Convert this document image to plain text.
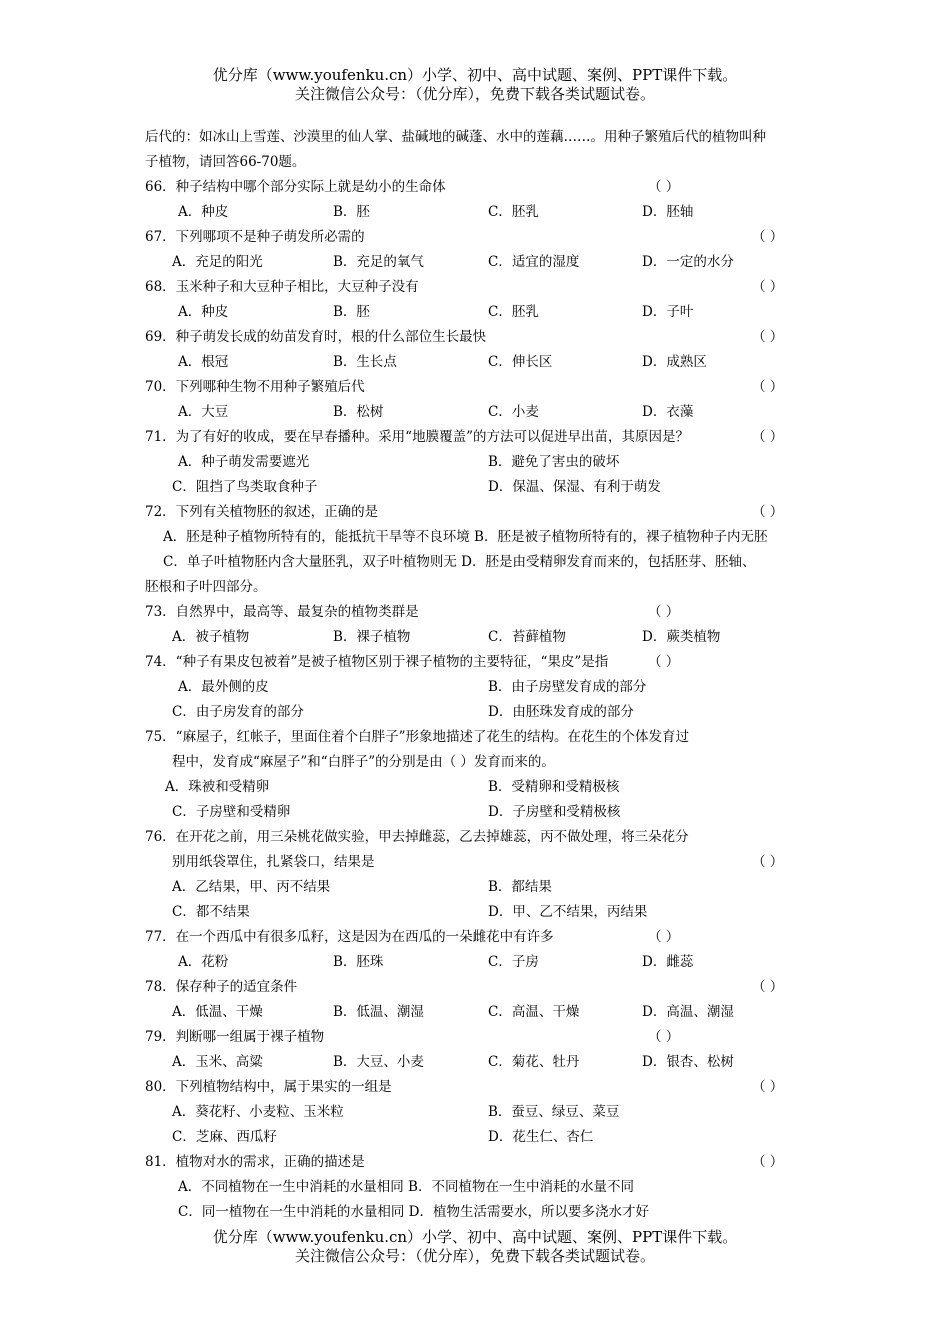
优分库（www.youfenku.cn）小学、初中、高中试题、案例、PPT课件下载。
关注微信公众号：（优分库），免费下载各类试题试卷。
后代的：如冰山上雪莲、沙漠里的仙人掌、盐碱地的碱蓬、水中的莲藕……。用种子繁殖后代的植物叫种
子植物，请回答66-70题。
66．种子结构中哪个部分实际上就是幼小的生命体	（ ）
A．种皮	B．胚	C．胚乳	D．胚轴
67．下列哪项不是种子萌发所必需的	（ ）
A．充足的阳光	B．充足的氧气	C．适宜的湿度	D．一定的水分
68．玉米种子和大豆种子相比，大豆种子没有	（ ）
A．种皮	B．胚	C．胚乳	D．子叶
69．种子萌发长成的幼苗发育时，根的什么部位生长最快	（ ）
A．根冠	B．生长点	C．伸长区	D．成熟区
70．下列哪种生物不用种子繁殖后代	（ ）
A．大豆	B．松树	C．小麦	D．衣藻
71．为了有好的收成，要在早春播种。采用“地膜覆盖”的方法可以促进早出苗，其原因是？	（ ）
A．种子萌发需要遮光	B．避免了害虫的破坏
C．阻挡了鸟类取食种子	D．保温、保湿、有利于萌发
72．下列有关植物胚的叙述，正确的是	（ ）
A．胚是种子植物所特有的，能抵抗干旱等不良环境 B．胚是被子植物所特有的，裸子植物种子内无胚
C．单子叶植物胚内含大量胚乳，双子叶植物则无 D．胚是由受精卵发育而来的，包括胚芽、胚轴、
胚根和子叶四部分。
73．自然界中，最高等、最复杂的植物类群是	（ ）
A．被子植物	B．裸子植物	C．苔藓植物	D．蕨类植物
74．“种子有果皮包被着”是被子植物区别于裸子植物的主要特征，“果皮”是指	（ ）
A．最外侧的皮	B．由子房壁发育成的部分
C．由子房发育的部分	D．由胚珠发育成的部分
75．“麻屋子，红帐子，里面住着个白胖子”形象地描述了花生的结构。在花生的个体发育过
程中，发育成“麻屋子”和“白胖子”的分别是由（ ）发育而来的。
A．珠被和受精卵	B．受精卵和受精极核
C．子房壁和受精卵	D．子房壁和受精极核
76．在开花之前，用三朵桃花做实验，甲去掉雌蕊，乙去掉雄蕊，丙不做处理，将三朵花分
别用纸袋罩住，扎紧袋口，结果是	（ ）
A．乙结果，甲、丙不结果	B．都结果
C．都不结果	D．甲、乙不结果，丙结果
77．在一个西瓜中有很多瓜籽，这是因为在西瓜的一朵雌花中有许多	（ ）
A．花粉	B．胚珠	C．子房	D．雌蕊
78．保存种子的适宜条件	（ ）
A．低温、干燥	B．低温、潮湿	C．高温、干燥	D．高温、潮湿
79．判断哪一组属于裸子植物	（ ）
A．玉米、高粱	B．大豆、小麦	C．菊花、牡丹	D．银杏、松树
80．下列植物结构中，属于果实的一组是	（ ）
A．葵花籽、小麦粒、玉米粒	B．蚕豆、绿豆、菜豆
C．芝麻、西瓜籽	D．花生仁、杏仁
81．植物对水的需求，正确的描述是	（ ）
A．不同植物在一生中消耗的水量相同 B．不同植物在一生中消耗的水量不同
C．同一植物在一生中消耗的水量相同 D．植物生活需要水，所以要多浇水才好
优分库（www.youfenku.cn）小学、初中、高中试题、案例、PPT课件下载。
关注微信公众号：（优分库），免费下载各类试题试卷。
